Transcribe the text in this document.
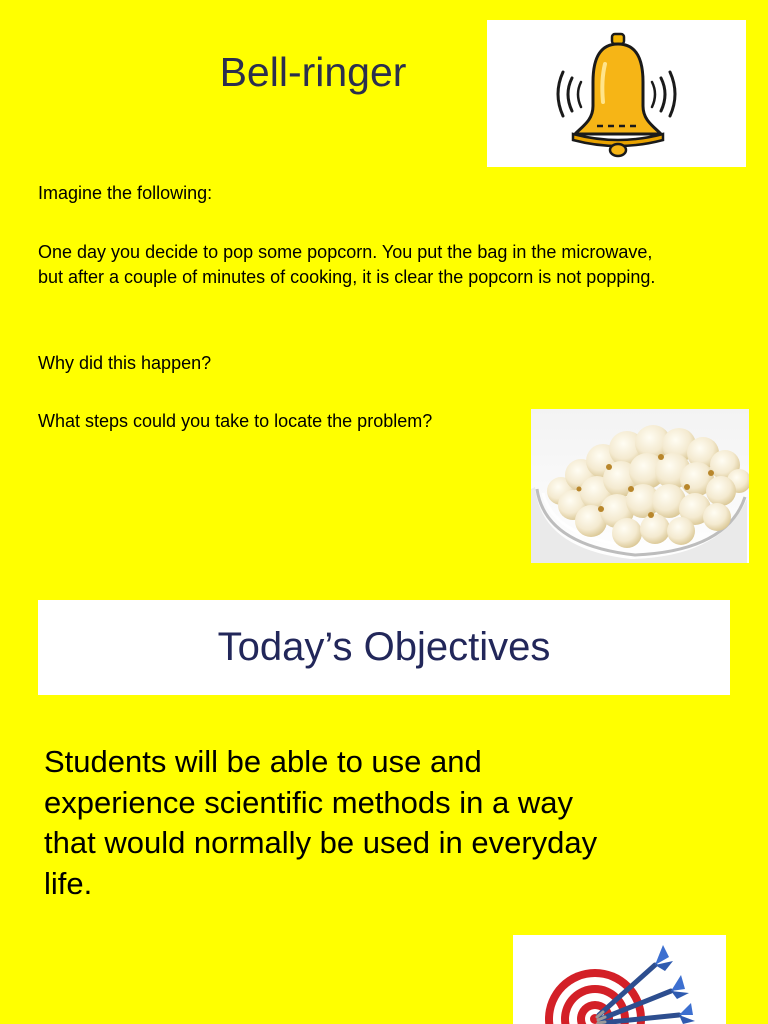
Bell-ringer
Imagine the following:
One day you decide to pop some popcorn. You put the bag in the microwave, but after a couple of minutes of cooking, it is clear the popcorn is not popping.
Why did this happen?
What steps could you take to locate the problem?
Today’s Objectives
Students will be able to use and experience scientific methods in a way that would normally be used in everyday life.
